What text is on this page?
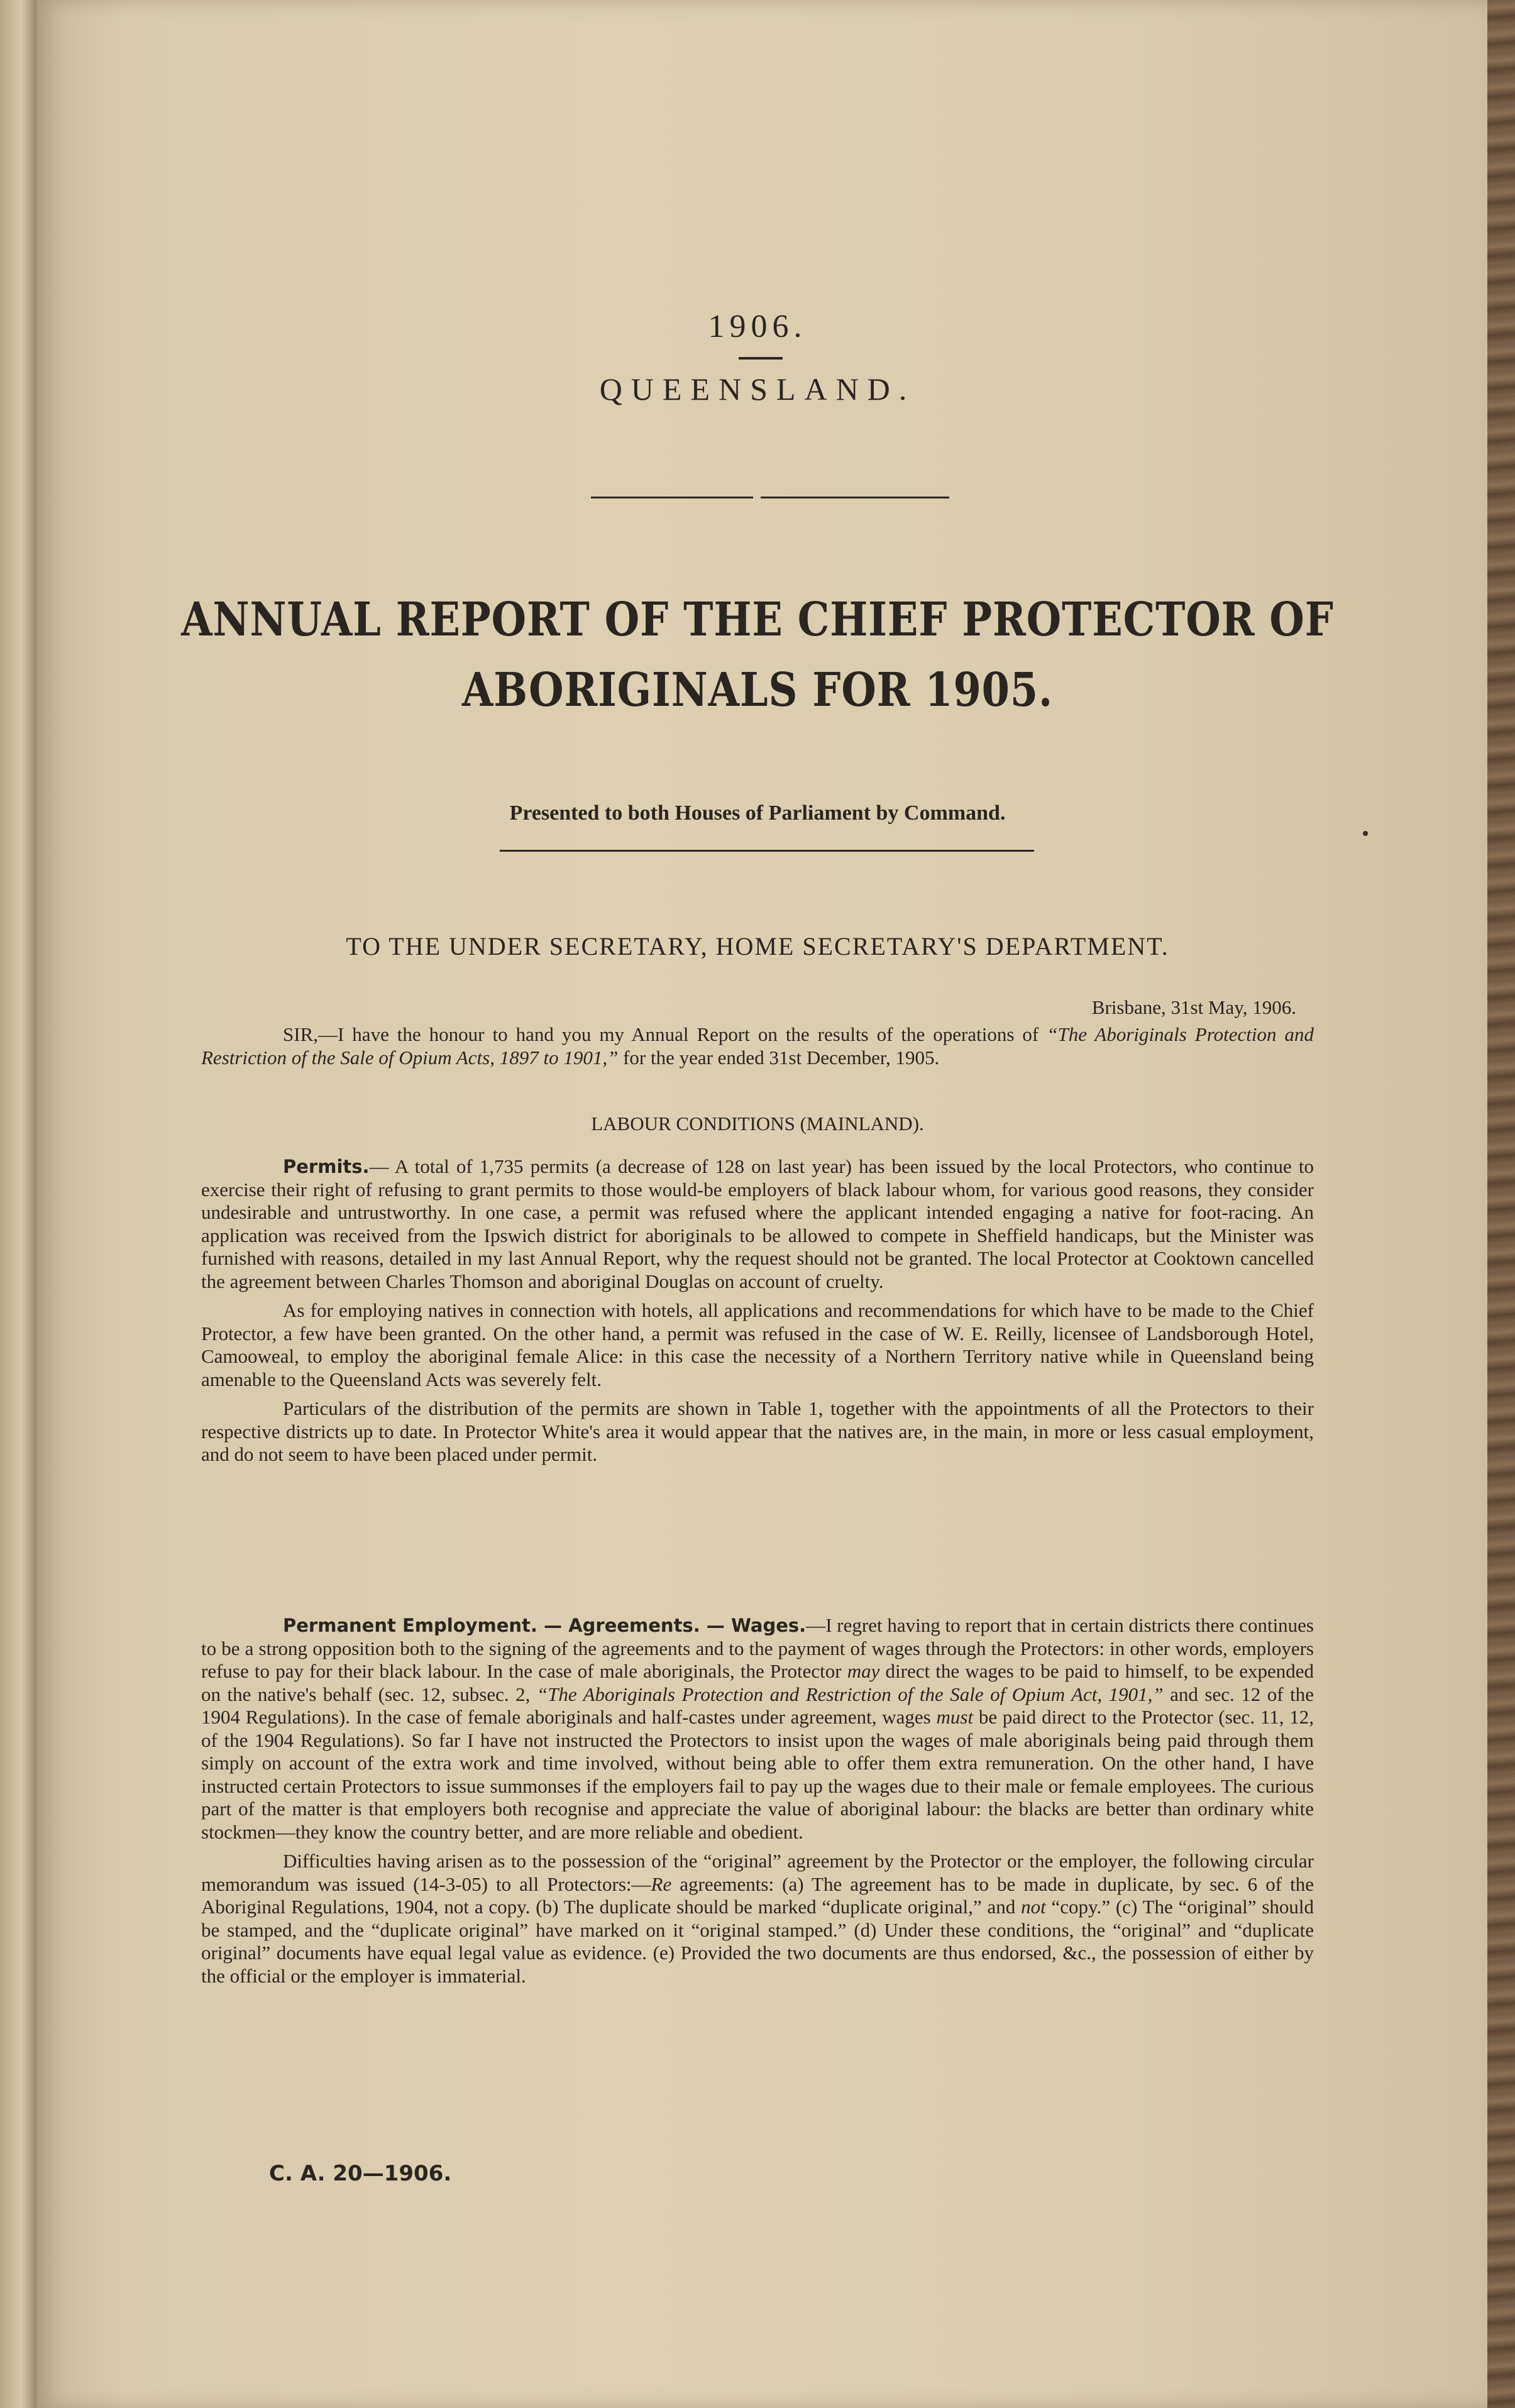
1906.
QUEENSLAND.
ANNUAL REPORT OF THE CHIEF PROTECTOR OF
ABORIGINALS FOR 1905.
Presented to both Houses of Parliament by Command.
TO THE UNDER SECRETARY, HOME SECRETARY'S DEPARTMENT.
Brisbane, 31st May, 1906.

SIR,—I have the honour to hand you my Annual Report on the results of the operations of “The Aboriginals Protection and Restriction of the Sale of Opium Acts, 1897 to 1901,” for the year ended 31st December, 1905.

LABOUR CONDITIONS (MAINLAND).

Permits.— A total of 1,735 permits (a decrease of 128 on last year) has been issued by the local Protectors, who continue to exercise their right of refusing to grant permits to those would-be employers of black labour whom, for various good reasons, they consider undesirable and untrustworthy. In one case, a permit was refused where the applicant intended engaging a native for foot-racing. An application was received from the Ipswich district for aboriginals to be allowed to compete in Sheffield handicaps, but the Minister was furnished with reasons, detailed in my last Annual Report, why the request should not be granted. The local Protector at Cooktown cancelled the agreement between Charles Thomson and aboriginal Douglas on account of cruelty.

As for employing natives in connection with hotels, all applications and recommendations for which have to be made to the Chief Protector, a few have been granted. On the other hand, a permit was refused in the case of W. E. Reilly, licensee of Landsborough Hotel, Camooweal, to employ the aboriginal female Alice: in this case the necessity of a Northern Territory native while in Queensland being amenable to the Queensland Acts was severely felt.

Particulars of the distribution of the permits are shown in Table 1, together with the appointments of all the Protectors to their respective districts up to date. In Protector White's area it would appear that the natives are, in the main, in more or less casual employment, and do not seem to have been placed under permit.

Permanent Employment. — Agreements. — Wages.—I regret having to report that in certain districts there continues to be a strong opposition both to the signing of the agreements and to the payment of wages through the Protectors: in other words, employers refuse to pay for their black labour. In the case of male aboriginals, the Protector may direct the wages to be paid to himself, to be expended on the native's behalf (sec. 12, subsec. 2, “The Aboriginals Protection and Restriction of the Sale of Opium Act, 1901,” and sec. 12 of the 1904 Regulations). In the case of female aboriginals and half-castes under agreement, wages must be paid direct to the Protector (sec. 11, 12, of the 1904 Regulations). So far I have not instructed the Protectors to insist upon the wages of male aboriginals being paid through them simply on account of the extra work and time involved, without being able to offer them extra remuneration. On the other hand, I have instructed certain Protectors to issue summonses if the employers fail to pay up the wages due to their male or female employees. The curious part of the matter is that employers both recognise and appreciate the value of aboriginal labour: the blacks are better than ordinary white stockmen—they know the country better, and are more reliable and obedient.

Difficulties having arisen as to the possession of the “original” agreement by the Protector or the employer, the following circular memorandum was issued (14-3-05) to all Protectors:—Re agreements: (a) The agreement has to be made in duplicate, by sec. 6 of the Aboriginal Regulations, 1904, not a copy. (b) The duplicate should be marked “duplicate original,” and not “copy.” (c) The “original” should be stamped, and the “duplicate original” have marked on it “original stamped.” (d) Under these conditions, the “original” and “duplicate original” documents have equal legal value as evidence. (e) Provided the two documents are thus endorsed, &c., the possession of either by the official or the employer is immaterial.

C. A. 20—1906.
